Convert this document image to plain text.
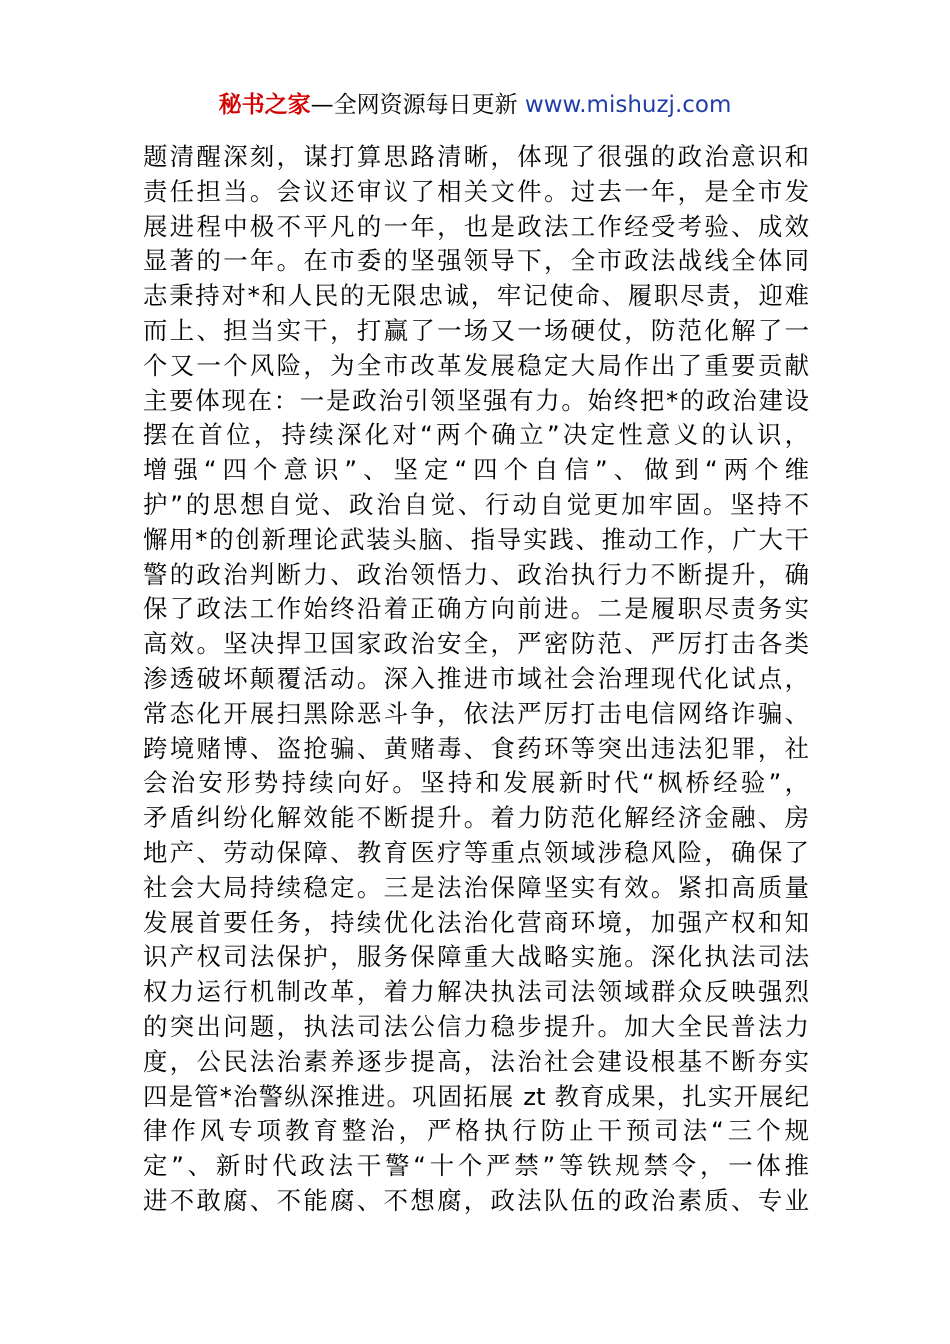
秘书之家—全网资源每日更新 www.mishuzj.com
题清醒深刻，谋打算思路清晰，体现了很强的政治意识和
责任担当。会议还审议了相关文件。过去一年，是全市发
展进程中极不平凡的一年，也是政法工作经受考验、成效
显著的一年。在市委的坚强领导下，全市政法战线全体同
志秉持对*和人民的无限忠诚，牢记使命、履职尽责，迎难
而上、担当实干，打赢了一场又一场硬仗，防范化解了一
个又一个风险，为全市改革发展稳定大局作出了重要贡献
主要体现在：一是政治引领坚强有力。始终把*的政治建设
摆在首位，持续深化对“两个确立”决定性意义的认识，
增强“四个意识”、坚定“四个自信”、做到“两个维
护”的思想自觉、政治自觉、行动自觉更加牢固。坚持不
懈用*的创新理论武装头脑、指导实践、推动工作，广大干
警的政治判断力、政治领悟力、政治执行力不断提升，确
保了政法工作始终沿着正确方向前进。二是履职尽责务实
高效。坚决捍卫国家政治安全，严密防范、严厉打击各类
渗透破坏颠覆活动。深入推进市域社会治理现代化试点，
常态化开展扫黑除恶斗争，依法严厉打击电信网络诈骗、
跨境赌博、盗抢骗、黄赌毒、食药环等突出违法犯罪，社
会治安形势持续向好。坚持和发展新时代“枫桥经验”，
矛盾纠纷化解效能不断提升。着力防范化解经济金融、房
地产、劳动保障、教育医疗等重点领域涉稳风险，确保了
社会大局持续稳定。三是法治保障坚实有效。紧扣高质量
发展首要任务，持续优化法治化营商环境，加强产权和知
识产权司法保护，服务保障重大战略实施。深化执法司法
权力运行机制改革，着力解决执法司法领域群众反映强烈
的突出问题，执法司法公信力稳步提升。加大全民普法力
度，公民法治素养逐步提高，法治社会建设根基不断夯实
四是管*治警纵深推进。巩固拓展 zt 教育成果，扎实开展纪
律作风专项教育整治，严格执行防止干预司法“三个规
定”、新时代政法干警“十个严禁”等铁规禁令，一体推
进不敢腐、不能腐、不想腐，政法队伍的政治素质、专业
